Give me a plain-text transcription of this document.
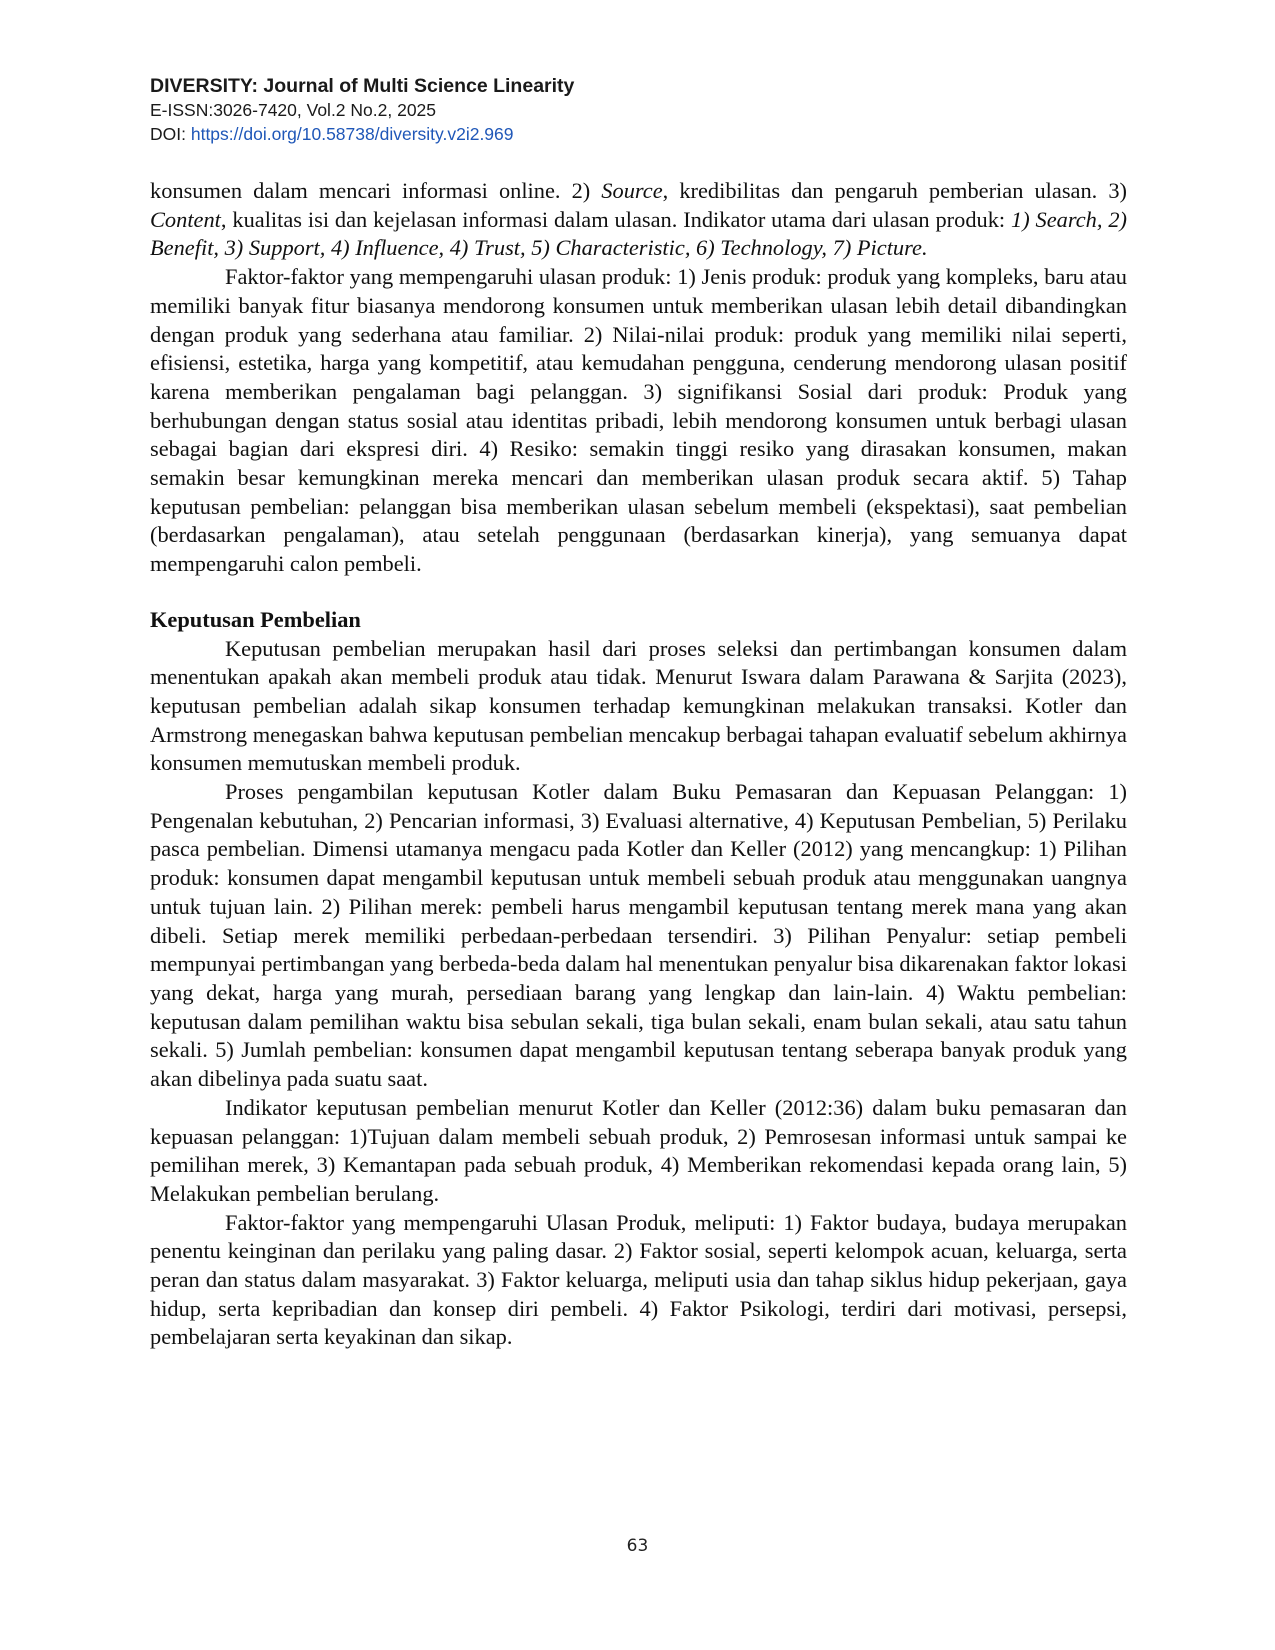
DIVERSITY: Journal of Multi Science Linearity
E-ISSN:3026-7420, Vol.2 No.2, 2025
DOI: https://doi.org/10.58738/diversity.v2i2.969

konsumen dalam mencari informasi online. 2) Source, kredibilitas dan pengaruh pemberian ulasan. 3) Content, kualitas isi dan kejelasan informasi dalam ulasan. Indikator utama dari ulasan produk: 1) Search, 2) Benefit, 3) Support, 4) Influence, 4) Trust, 5) Characteristic, 6) Technology, 7) Picture.

Faktor-faktor yang mempengaruhi ulasan produk: 1) Jenis produk: produk yang kompleks, baru atau memiliki banyak fitur biasanya mendorong konsumen untuk memberikan ulasan lebih detail dibandingkan dengan produk yang sederhana atau familiar. 2) Nilai-nilai produk: produk yang memiliki nilai seperti, efisiensi, estetika, harga yang kompetitif, atau kemudahan pengguna, cenderung mendorong ulasan positif karena memberikan pengalaman bagi pelanggan. 3) signifikansi Sosial dari produk: Produk yang berhubungan dengan status sosial atau identitas pribadi, lebih mendorong konsumen untuk berbagi ulasan sebagai bagian dari ekspresi diri. 4) Resiko: semakin tinggi resiko yang dirasakan konsumen, makan semakin besar kemungkinan mereka mencari dan memberikan ulasan produk secara aktif. 5) Tahap keputusan pembelian: pelanggan bisa memberikan ulasan sebelum membeli (ekspektasi), saat pembelian (berdasarkan pengalaman), atau setelah penggunaan (berdasarkan kinerja), yang semuanya dapat mempengaruhi calon pembeli.

Keputusan Pembelian

Keputusan pembelian merupakan hasil dari proses seleksi dan pertimbangan konsumen dalam menentukan apakah akan membeli produk atau tidak. Menurut Iswara dalam Parawana & Sarjita (2023), keputusan pembelian adalah sikap konsumen terhadap kemungkinan melakukan transaksi. Kotler dan Armstrong menegaskan bahwa keputusan pembelian mencakup berbagai tahapan evaluatif sebelum akhirnya konsumen memutuskan membeli produk.

Proses pengambilan keputusan Kotler dalam Buku Pemasaran dan Kepuasan Pelanggan: 1) Pengenalan kebutuhan, 2) Pencarian informasi, 3) Evaluasi alternative, 4) Keputusan Pembelian, 5) Perilaku pasca pembelian. Dimensi utamanya mengacu pada Kotler dan Keller (2012) yang mencangkup: 1) Pilihan produk: konsumen dapat mengambil keputusan untuk membeli sebuah produk atau menggunakan uangnya untuk tujuan lain. 2) Pilihan merek: pembeli harus mengambil keputusan tentang merek mana yang akan dibeli. Setiap merek memiliki perbedaan-perbedaan tersendiri. 3) Pilihan Penyalur: setiap pembeli mempunyai pertimbangan yang berbeda-beda dalam hal menentukan penyalur bisa dikarenakan faktor lokasi yang dekat, harga yang murah, persediaan barang yang lengkap dan lain-lain. 4) Waktu pembelian: keputusan dalam pemilihan waktu bisa sebulan sekali, tiga bulan sekali, enam bulan sekali, atau satu tahun sekali. 5) Jumlah pembelian: konsumen dapat mengambil keputusan tentang seberapa banyak produk yang akan dibelinya pada suatu saat.

Indikator keputusan pembelian menurut Kotler dan Keller (2012:36) dalam buku pemasaran dan kepuasan pelanggan: 1)Tujuan dalam membeli sebuah produk, 2) Pemrosesan informasi untuk sampai ke pemilihan merek, 3) Kemantapan pada sebuah produk, 4) Memberikan rekomendasi kepada orang lain, 5) Melakukan pembelian berulang.

Faktor-faktor yang mempengaruhi Ulasan Produk, meliputi: 1) Faktor budaya, budaya merupakan penentu keinginan dan perilaku yang paling dasar. 2) Faktor sosial, seperti kelompok acuan, keluarga, serta peran dan status dalam masyarakat. 3) Faktor keluarga, meliputi usia dan tahap siklus hidup pekerjaan, gaya hidup, serta kepribadian dan konsep diri pembeli. 4) Faktor Psikologi, terdiri dari motivasi, persepsi, pembelajaran serta keyakinan dan sikap.

63
